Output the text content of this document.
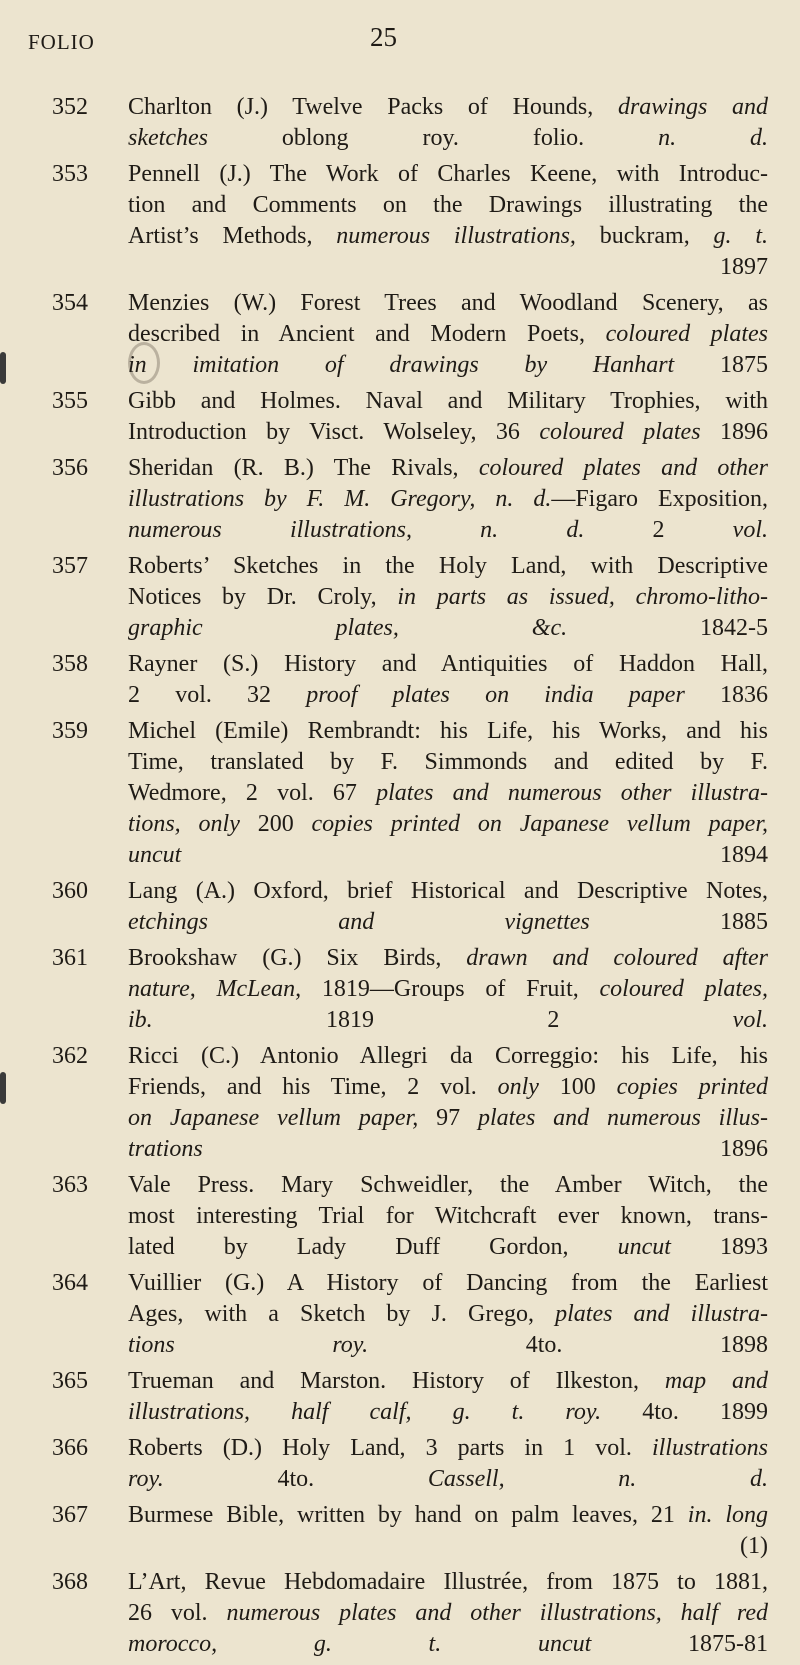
FOLIO	25
352	Charlton (J.) Twelve Packs of Hounds, drawings and
sketches oblong roy. folio. n. d.
353	Pennell (J.) The Work of Charles Keene, with Introduc-
tion and Comments on the Drawings illustrating the
Artist’s Methods, numerous illustrations, buckram, g. t.
1897
354	Menzies (W.) Forest Trees and Woodland Scenery, as
described in Ancient and Modern Poets, coloured plates
in imitation of drawings by Hanhart 1875
355	Gibb and Holmes. Naval and Military Trophies, with
Introduction by Visct. Wolseley, 36 coloured plates 1896
356	Sheridan (R. B.) The Rivals, coloured plates and other
illustrations by F. M. Gregory, n. d.—Figaro Exposition,
numerous illustrations, n. d. 2 vol.
357	Roberts’ Sketches in the Holy Land, with Descriptive
Notices by Dr. Croly, in parts as issued, chromo-litho-
graphic plates, &c. 1842-5
358	Rayner (S.) History and Antiquities of Haddon Hall,
2 vol. 32 proof plates on india paper 1836
359	Michel (Emile) Rembrandt: his Life, his Works, and his
Time, translated by F. Simmonds and edited by F.
Wedmore, 2 vol. 67 plates and numerous other illustra-
tions, only 200 copies printed on Japanese vellum paper,
uncut 1894
360	Lang (A.) Oxford, brief Historical and Descriptive Notes,
etchings and vignettes 1885
361	Brookshaw (G.) Six Birds, drawn and coloured after
nature, McLean, 1819—Groups of Fruit, coloured plates,
ib. 1819 2 vol.
362	Ricci (C.) Antonio Allegri da Correggio: his Life, his
Friends, and his Time, 2 vol. only 100 copies printed
on Japanese vellum paper, 97 plates and numerous illus-
trations 1896
363	Vale Press. Mary Schweidler, the Amber Witch, the
most interesting Trial for Witchcraft ever known, trans-
lated by Lady Duff Gordon, uncut 1893
364	Vuillier (G.) A History of Dancing from the Earliest
Ages, with a Sketch by J. Grego, plates and illustra-
tions	roy. 4to. 1898
365	Trueman and Marston. History of Ilkeston, map and
illustrations, half calf, g. t. roy. 4to. 1899
366	Roberts (D.) Holy Land, 3 parts in 1 vol. illustrations
roy. 4to. Cassell, n. d.
367	Burmese Bible, written by hand on palm leaves, 21 in. long
(1)
368	L’Art, Revue Hebdomadaire Illustrée, from 1875 to 1881,
26 vol. numerous plates and other illustrations, half red
morocco, g. t. uncut 1875-81
